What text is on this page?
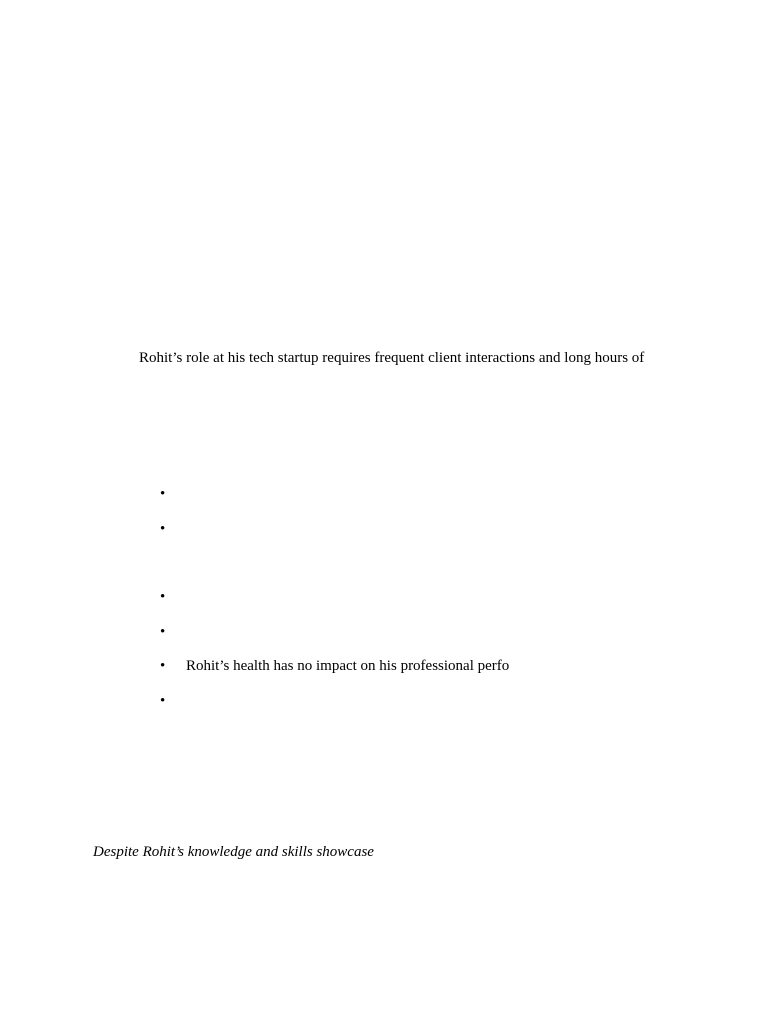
Rohit’s role at his tech startup requires frequent client interactions and long hours of
•
•
•
•
•	Rohit’s health has no impact on his professional perfo
•
Despite Rohit’s knowledge and skills showcase
